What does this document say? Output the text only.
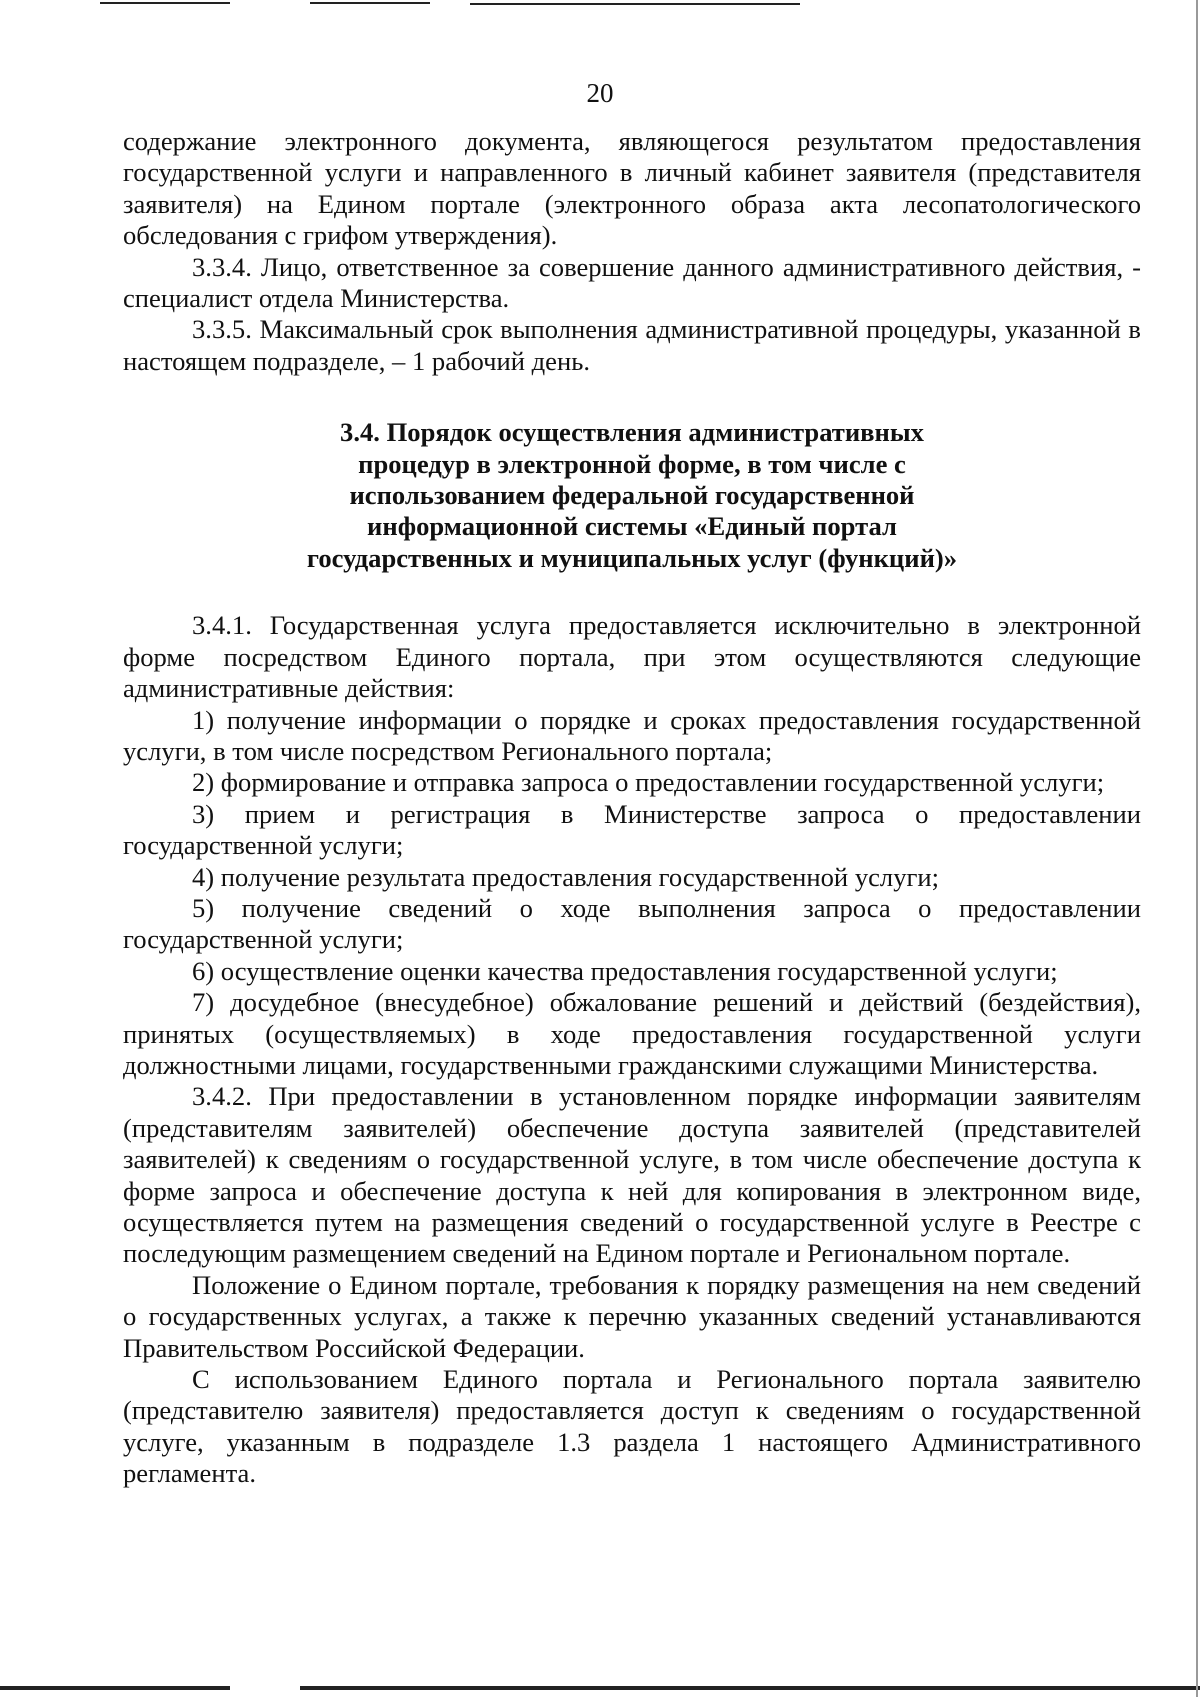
20

содержание электронного документа, являющегося результатом предоставления государственной услуги и направленного в личный кабинет заявителя (представителя заявителя) на Едином портале (электронного образа акта лесопатологического обследования с грифом утверждения).

3.3.4. Лицо, ответственное за совершение данного административного действия, - специалист отдела Министерства.

3.3.5. Максимальный срок выполнения административной процедуры, указанной в настоящем подразделе, – 1 рабочий день.

3.4. Порядок осуществления административных
процедур в электронной форме, в том числе с
использованием федеральной государственной
информационной системы «Единый портал
государственных и муниципальных услуг (функций)»

3.4.1. Государственная услуга предоставляется исключительно в электронной форме посредством Единого портала, при этом осуществляются следующие административные действия:

1) получение информации о порядке и сроках предоставления государственной услуги, в том числе посредством Регионального портала;

2) формирование и отправка запроса о предоставлении государственной услуги;

3) прием и регистрация в Министерстве запроса о предоставлении государственной услуги;

4) получение результата предоставления государственной услуги;

5) получение сведений о ходе выполнения запроса о предоставлении государственной услуги;

6) осуществление оценки качества предоставления государственной услуги;

7) досудебное (внесудебное) обжалование решений и действий (бездействия), принятых (осуществляемых) в ходе предоставления государственной услуги должностными лицами, государственными гражданскими служащими Министерства.

3.4.2. При предоставлении в установленном порядке информации заявителям (представителям заявителей) обеспечение доступа заявителей (представителей заявителей) к сведениям о государственной услуге, в том числе обеспечение доступа к форме запроса и обеспечение доступа к ней для копирования в электронном виде, осуществляется путем на размещения сведений о государственной услуге в Реестре с последующим размещением сведений на Едином портале и Региональном портале.

Положение о Едином портале, требования к порядку размещения на нем сведений о государственных услугах, а также к перечню указанных сведений устанавливаются Правительством Российской Федерации.

С использованием Единого портала и Регионального портала заявителю (представителю заявителя) предоставляется доступ к сведениям о государственной услуге, указанным в подразделе 1.3 раздела 1 настоящего Административного регламента.
